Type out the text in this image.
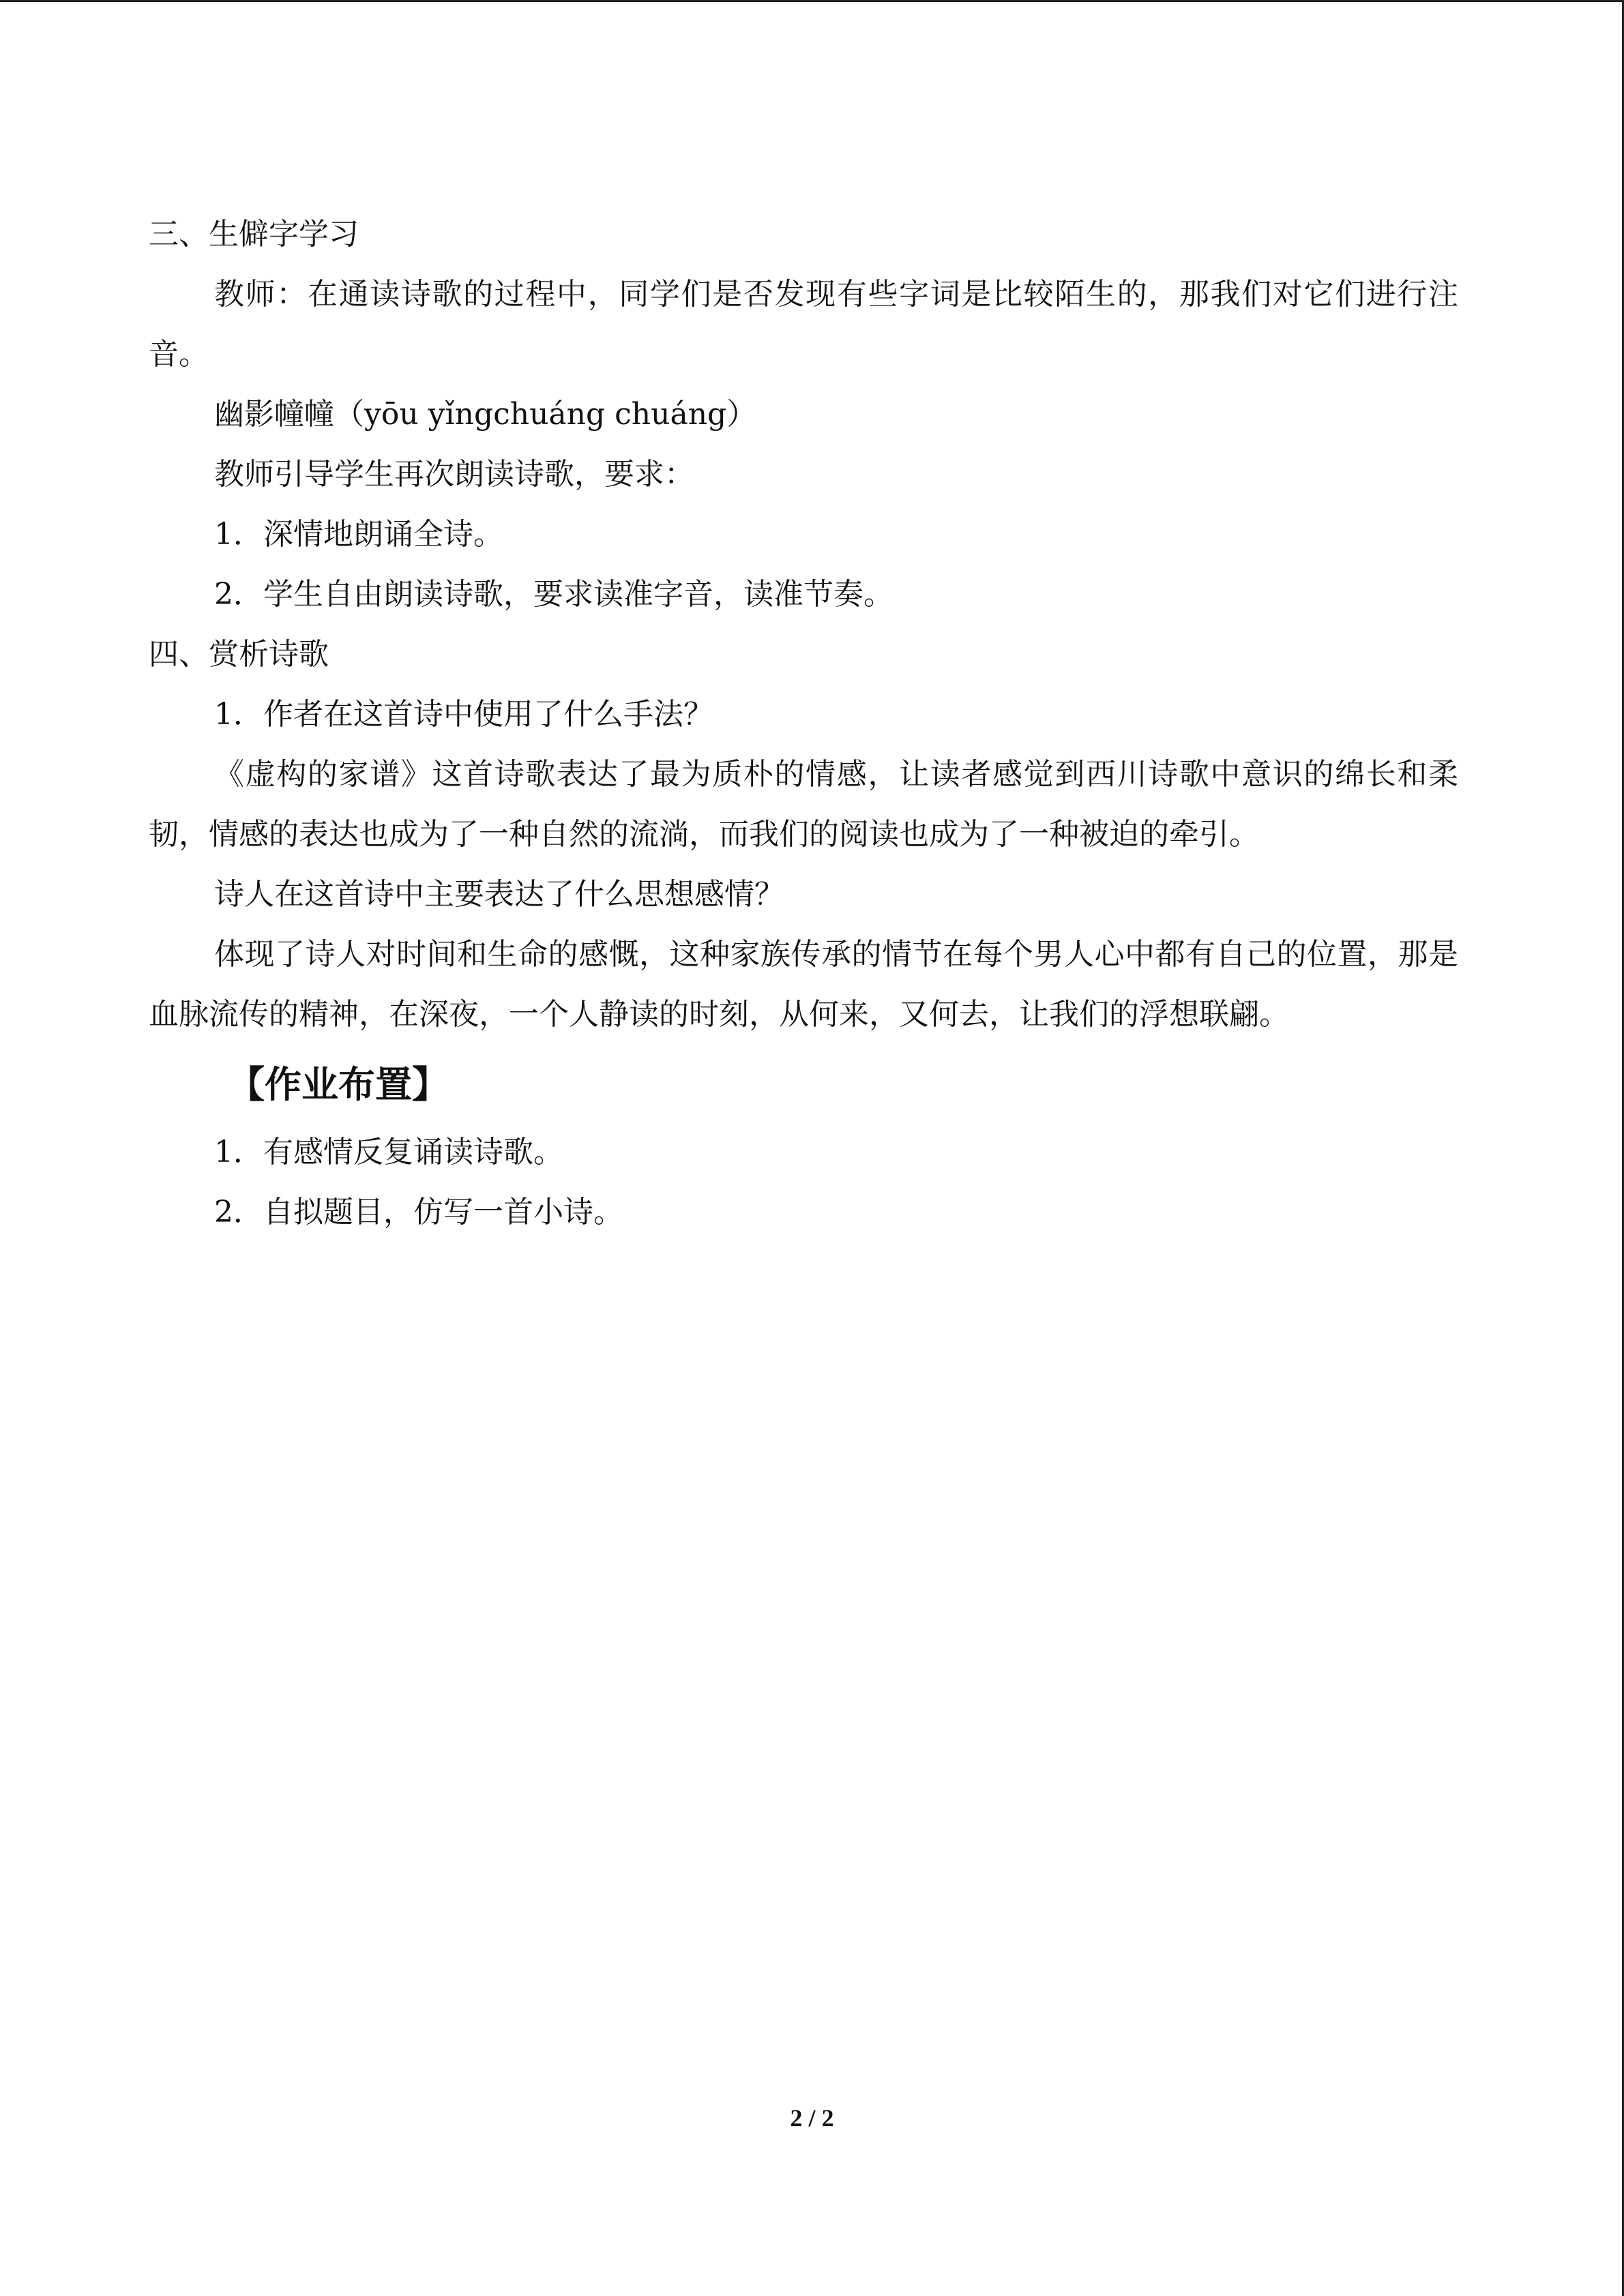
三、生僻字学习

教师：在通读诗歌的过程中，同学们是否发现有些字词是比较陌生的，那我们对它们进行注音。

幽影幢幢（yōu yǐngchuáng chuáng）
教师引导学生再次朗读诗歌，要求：
1．深情地朗诵全诗。
2．学生自由朗读诗歌，要求读准字音，读准节奏。
四、赏析诗歌
1．作者在这首诗中使用了什么手法？

《虚构的家谱》这首诗歌表达了最为质朴的情感，让读者感觉到西川诗歌中意识的绵长和柔韧，情感的表达也成为了一种自然的流淌，而我们的阅读也成为了一种被迫的牵引。

诗人在这首诗中主要表达了什么思想感情？

体现了诗人对时间和生命的感慨，这种家族传承的情节在每个男人心中都有自己的位置，那是血脉流传的精神，在深夜，一个人静读的时刻，从何来，又何去，让我们的浮想联翩。

【作业布置】
1．有感情反复诵读诗歌。
2．自拟题目，仿写一首小诗。
2 / 2
